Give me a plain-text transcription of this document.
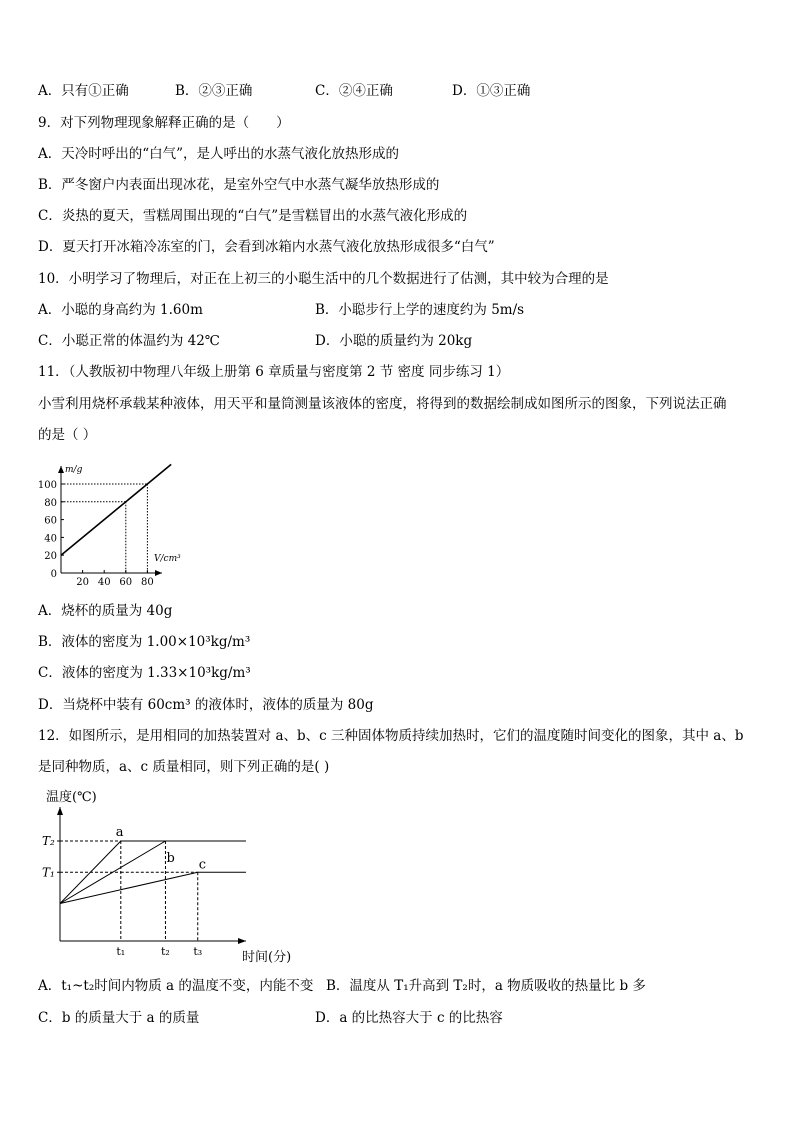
A．只有①正确	B．②③正确	C．②④正确	D．①③正确
9．对下列物理现象解释正确的是（　　）
A．天冷时呼出的“白气”，是人呼出的水蒸气液化放热形成的
B．严冬窗户内表面出现冰花，是室外空气中水蒸气凝华放热形成的
C．炎热的夏天，雪糕周围出现的“白气”是雪糕冒出的水蒸气液化形成的
D．夏天打开冰箱冷冻室的门，会看到冰箱内水蒸气液化放热形成很多“白气”
10．小明学习了物理后，对正在上初三的小聪生活中的几个数据进行了估测，其中较为合理的是
A．小聪的身高约为 1.60m	B．小聪步行上学的速度约为 5m/s
C．小聪正常的体温约为 42℃	D．小聪的质量约为 20kg
11．（人教版初中物理八年级上册第 6 章质量与密度第 2 节 密度 同步练习 1）
小雪利用烧杯承载某种液体，用天平和量筒测量该液体的密度，将得到的数据绘制成如图所示的图象，下列说法正确
的是（ ）
0
20
40
60
80
100
20 40 60 80
m/g
V/cm³
A．烧杯的质量为 40g
B．液体的密度为 1.00×10³kg/m³
C．液体的密度为 1.33×10³kg/m³
D．当烧杯中装有 60cm³ 的液体时，液体的质量为 80g
12．如图所示，是用相同的加热装置对 a、b、c 三种固体物质持续加热时，它们的温度随时间变化的图象，其中 a、b
是同种物质，a、c 质量相同，则下列正确的是( )
温度(℃)
时间(分)
T₂
T₁
a
b c
t₁	t₂ t₃
A．t₁~t₂时间内物质 a 的温度不变，内能不变 B．温度从 T₁升高到 T₂时，a 物质吸收的热量比 b 多
C．b 的质量大于 a 的质量	D．a 的比热容大于 c 的比热容
